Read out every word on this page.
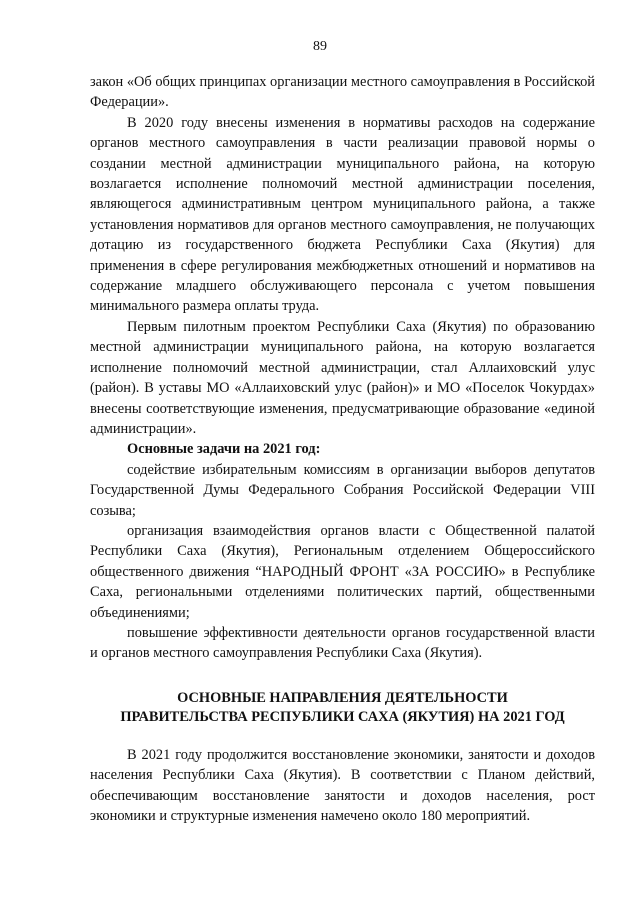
89

закон «Об общих принципах организации местного самоуправления в Российской Федерации».

В 2020 году внесены изменения в нормативы расходов на содержание органов местного самоуправления в части реализации правовой нормы о создании местной администрации муниципального района, на которую возлагается исполнение полномочий местной администрации поселения, являющегося административным центром муниципального района, а также установления нормативов для органов местного самоуправления, не получающих дотацию из государственного бюджета Республики Саха (Якутия) для применения в сфере регулирования межбюджетных отношений и нормативов на содержание младшего обслуживающего персонала с учетом повышения минимального размера оплаты труда.

Первым пилотным проектом Республики Саха (Якутия) по образованию местной администрации муниципального района, на которую возлагается исполнение полномочий местной администрации, стал Аллаиховский улус (район). В уставы МО «Аллаиховский улус (район)» и МО «Поселок Чокурдах» внесены соответствующие изменения, предусматривающие образование «единой администрации».

Основные задачи на 2021 год:

содействие избирательным комиссиям в организации выборов депутатов Государственной Думы Федерального Собрания Российской Федерации VIII созыва;

организация взаимодействия органов власти с Общественной палатой Республики Саха (Якутия), Региональным отделением Общероссийского общественного движения “НАРОДНЫЙ ФРОНТ «ЗА РОССИЮ» в Республике Саха, региональными отделениями политических партий, общественными объединениями;

повышение эффективности деятельности органов государственной власти и органов местного самоуправления Республики Саха (Якутия).

ОСНОВНЫЕ НАПРАВЛЕНИЯ ДЕЯТЕЛЬНОСТИ
ПРАВИТЕЛЬСТВА РЕСПУБЛИКИ САХА (ЯКУТИЯ) НА 2021 ГОД

В 2021 году продолжится восстановление экономики, занятости и доходов населения Республики Саха (Якутия). В соответствии с Планом действий, обеспечивающим восстановление занятости и доходов населения, рост экономики и структурные изменения намечено около 180 мероприятий.
